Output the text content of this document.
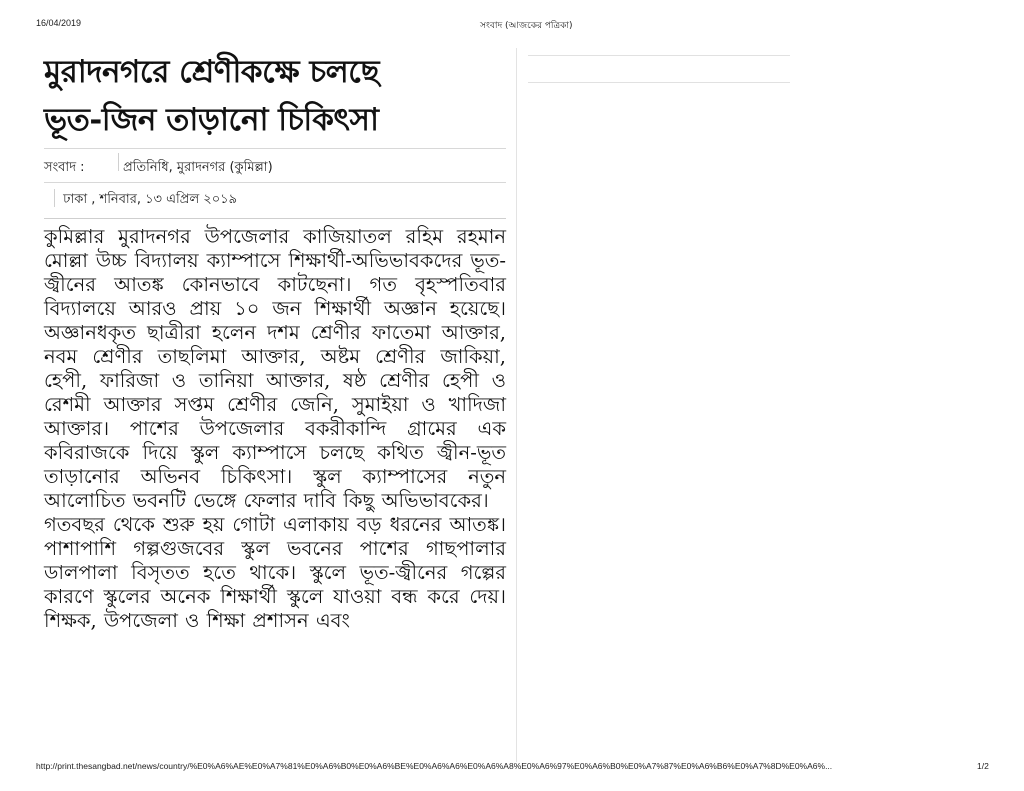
16/04/2019	সংবাদ (আজকের পত্রিকা)
মুরাদনগরে শ্রেণীকক্ষে চলছে
ভূত-জিন তাড়ানো চিকিৎসা
সংবাদ :	প্রতিনিধি, মুরাদনগর (কুমিল্লা)
ঢাকা , শনিবার, ১৩ এপ্রিল ২০১৯

কুমিল্লার মুরাদনগর উপজেলার কাজিয়াতল রহিম রহমান মোল্লা উচ্চ বিদ্যালয় ক্যাম্পাসে শিক্ষার্থী-অভিভাবকদের ভূত-জ্বীনের আতঙ্ক কোনভাবে কাটছেনা। গত বৃহস্পতিবার বিদ্যালয়ে আরও প্রায় ১০ জন শিক্ষার্থী অজ্ঞান হয়েছে। অজ্ঞানধকৃত ছাত্রীরা হলেন দশম শ্রেণীর ফাতেমা আক্তার, নবম শ্রেণীর তাছলিমা আক্তার, অষ্টম শ্রেণীর জাকিয়া, হেপী, ফারিজা ও তানিয়া আক্তার, ষষ্ঠ শ্রেণীর হেপী ও রেশমী আক্তার সপ্তম শ্রেণীর জেনি, সুমাইয়া ও খাদিজা আক্তার। পাশের উপজেলার বকরীকান্দি গ্রামের এক কবিরাজকে দিয়ে স্কুল ক্যাম্পাসে চলছে কথিত জ্বীন-ভূত তাড়ানোর অভিনব চিকিৎসা। স্কুল ক্যাম্পাসের নতুন আলোচিত ভবনটি ভেঙ্গে ফেলার দাবি কিছু অভিভাবকের।

গতবছর থেকে শুরু হয় গোটা এলাকায় বড় ধরনের আতঙ্ক। পাশাপাশি গল্পগুজবের স্কুল ভবনের পাশের গাছপালার ডালপালা বিসৃতত হতে থাকে। স্কুলে ভূত-জ্বীনের গল্পের কারণে স্কুলের অনেক শিক্ষার্থী স্কুলে যাওয়া বন্ধ করে দেয়। শিক্ষক, উপজেলা ও শিক্ষা প্রশাসন এবং

http://print.thesangbad.net/news/country/%E0%A6%AE%E0%A7%81%E0%A6%B0%E0%A6%BE%E0%A6%A6%E0%A6%A8%E0%A6%97%E0%A6%B0%E0%A7%87%E0%A6%B6%E0%A7%8D%E0%A6%...	1/2
